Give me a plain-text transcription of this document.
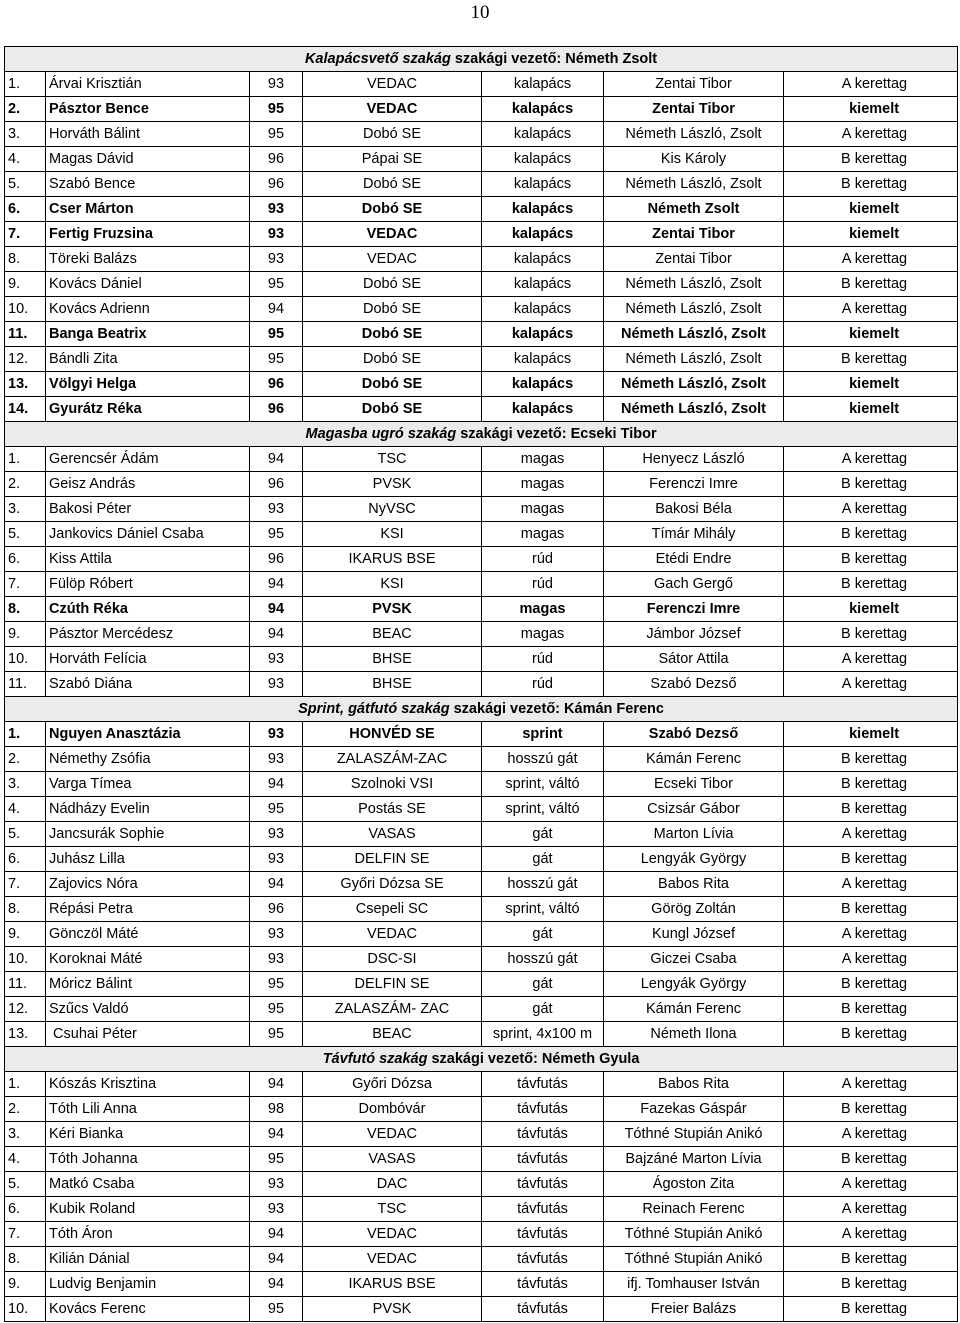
10
Kalapácsvető szakág szakági vezető: Németh Zsolt						
1.	Árvai Krisztián	93	VEDAC	kalapács	Zentai Tibor	A kerettag
2.	Pásztor Bence	95	VEDAC	kalapács	Zentai Tibor	kiemelt
3.	Horváth Bálint	95	Dobó SE	kalapács	Németh László, Zsolt	A kerettag
4.	Magas Dávid	96	Pápai SE	kalapács	Kis Károly	B kerettag
5.	Szabó Bence	96	Dobó SE	kalapács	Németh László, Zsolt	B kerettag
6.	Cser Márton	93	Dobó SE	kalapács	Németh Zsolt	kiemelt
7.	Fertig Fruzsina	93	VEDAC	kalapács	Zentai Tibor	kiemelt
8.	Töreki Balázs	93	VEDAC	kalapács	Zentai Tibor	A kerettag
9.	Kovács Dániel	95	Dobó SE	kalapács	Németh László, Zsolt	B kerettag
10.	Kovács Adrienn	94	Dobó SE	kalapács	Németh László, Zsolt	A kerettag
11.	Banga Beatrix	95	Dobó SE	kalapács	Németh László, Zsolt	kiemelt
12.	Bándli Zita	95	Dobó SE	kalapács	Németh László, Zsolt	B kerettag
13.	Völgyi Helga	96	Dobó SE	kalapács	Németh László, Zsolt	kiemelt
14.	Gyurátz Réka	96	Dobó SE	kalapács	Németh László, Zsolt	kiemelt
Magasba ugró szakág szakági vezető: Ecseki Tibor						
1.	Gerencsér Ádám	94	TSC	magas	Henyecz László	A kerettag
2.	Geisz András	96	PVSK	magas	Ferenczi Imre	B kerettag
3.	Bakosi Péter	93	NyVSC	magas	Bakosi Béla	A kerettag
5.	Jankovics Dániel Csaba	95	KSI	magas	Tímár Mihály	B kerettag
6.	Kiss Attila	96	IKARUS BSE	rúd	Etédi Endre	B kerettag
7.	Fülöp Róbert	94	KSI	rúd	Gach Gergő	B kerettag
8.	Czúth Réka	94	PVSK	magas	Ferenczi Imre	kiemelt
9.	Pásztor Mercédesz	94	BEAC	magas	Jámbor József	B kerettag
10.	Horváth Felícia	93	BHSE	rúd	Sátor Attila	A kerettag
11.	Szabó Diána	93	BHSE	rúd	Szabó Dezső	A kerettag
Sprint, gátfutó szakág szakági vezető: Kámán Ferenc						
1.	Nguyen Anasztázia	93	HONVÉD SE	sprint	Szabó Dezső	kiemelt
2.	Némethy Zsófia	93	ZALASZÁM-ZAC	hosszú gát	Kámán Ferenc	B kerettag
3.	Varga Tímea	94	Szolnoki VSI	sprint, váltó	Ecseki Tibor	B kerettag
4.	Nádházy Evelin	95	Postás SE	sprint, váltó	Csizsár Gábor	B kerettag
5.	Jancsurák Sophie	93	VASAS	gát	Marton Lívia	A kerettag
6.	Juhász Lilla	93	DELFIN SE	gát	Lengyák György	B kerettag
7.	Zajovics Nóra	94	Győri Dózsa SE	hosszú gát	Babos Rita	A kerettag
8.	Répási Petra	96	Csepeli SC	sprint, váltó	Görög Zoltán	B kerettag
9.	Gönczöl Máté	93	VEDAC	gát	Kungl József	A kerettag
10.	Koroknai Máté	93	DSC-SI	hosszú gát	Giczei Csaba	A kerettag
11.	Móricz Bálint	95	DELFIN SE	gát	Lengyák György	B kerettag
12.	Szűcs Valdó	95	ZALASZÁM- ZAC	gát	Kámán Ferenc	B kerettag
13.	Csuhai Péter	95	BEAC	sprint, 4x100 m	Németh Ilona	B kerettag
Távfutó szakág szakági vezető: Németh Gyula						
1.	Kószás Krisztina	94	Győri Dózsa	távfutás	Babos Rita	A kerettag
2.	Tóth Lili Anna	98	Dombóvár	távfutás	Fazekas Gáspár	B kerettag
3.	Kéri Bianka	94	VEDAC	távfutás	Tóthné Stupián Anikó	A kerettag
4.	Tóth Johanna	95	VASAS	távfutás	Bajzáné Marton Lívia	B kerettag
5.	Matkó Csaba	93	DAC	távfutás	Ágoston Zita	A kerettag
6.	Kubik Roland	93	TSC	távfutás	Reinach Ferenc	A kerettag
7.	Tóth Áron	94	VEDAC	távfutás	Tóthné Stupián Anikó	A kerettag
8.	Kilián Dánial	94	VEDAC	távfutás	Tóthné Stupián Anikó	B kerettag
9.	Ludvig Benjamin	94	IKARUS BSE	távfutás	ifj. Tomhauser István	B kerettag
10.	Kovács Ferenc	95	PVSK	távfutás	Freier Balázs	B kerettag
